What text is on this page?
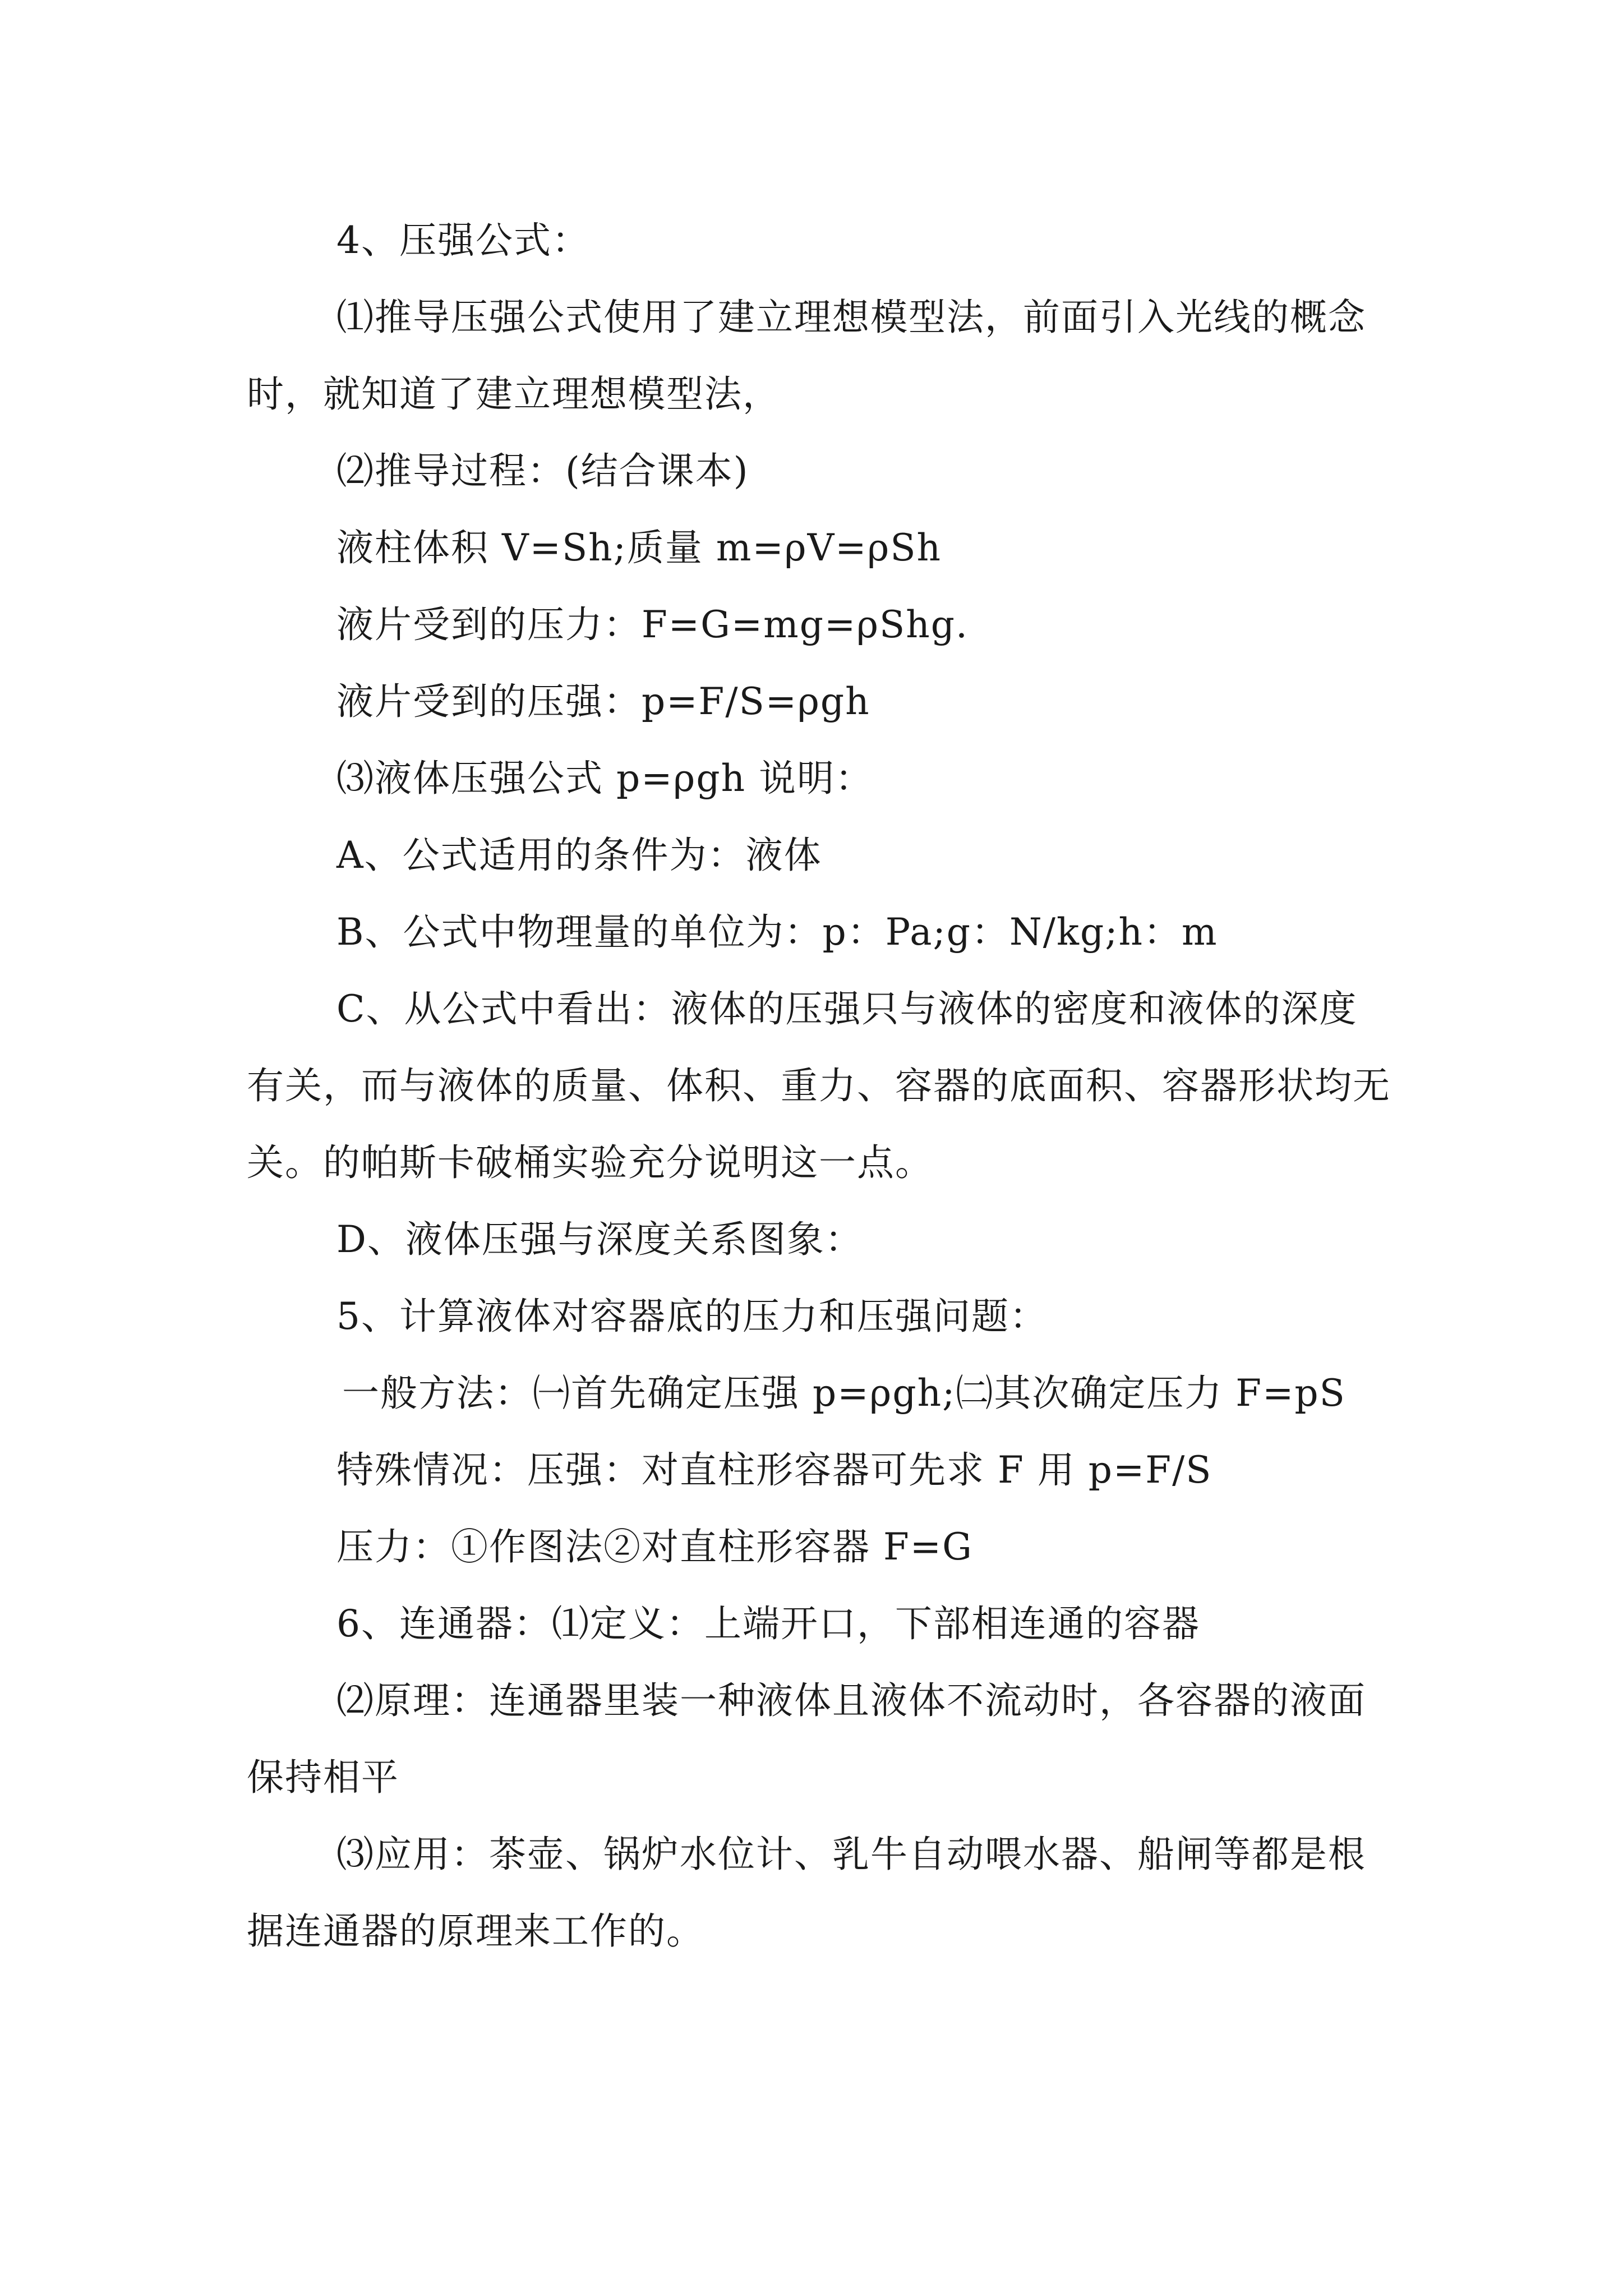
4、压强公式：

⑴推导压强公式使用了建立理想模型法，前面引入光线的概念时，就知道了建立理想模型法，

⑵推导过程：(结合课本)

液柱体积 V=Sh;质量 m=ρV=ρSh

液片受到的压力：F=G=mg=ρShg.

液片受到的压强：p=F/S=ρgh

⑶液体压强公式 p=ρgh 说明：

A、公式适用的条件为：液体

B、公式中物理量的单位为：p：Pa;g：N/kg;h：m

C、从公式中看出：液体的压强只与液体的密度和液体的深度有关，而与液体的质量、体积、重力、容器的底面积、容器形状均无关。的帕斯卡破桶实验充分说明这一点。

D、液体压强与深度关系图象：

5、计算液体对容器底的压力和压强问题：

一般方法：㈠首先确定压强 p=ρgh;㈡其次确定压力 F=pS

特殊情况：压强：对直柱形容器可先求 F 用 p=F/S

压力：①作图法②对直柱形容器 F=G

6、连通器：⑴定义：上端开口，下部相连通的容器

⑵原理：连通器里装一种液体且液体不流动时，各容器的液面保持相平

⑶应用：茶壶、锅炉水位计、乳牛自动喂水器、船闸等都是根据连通器的原理来工作的。
